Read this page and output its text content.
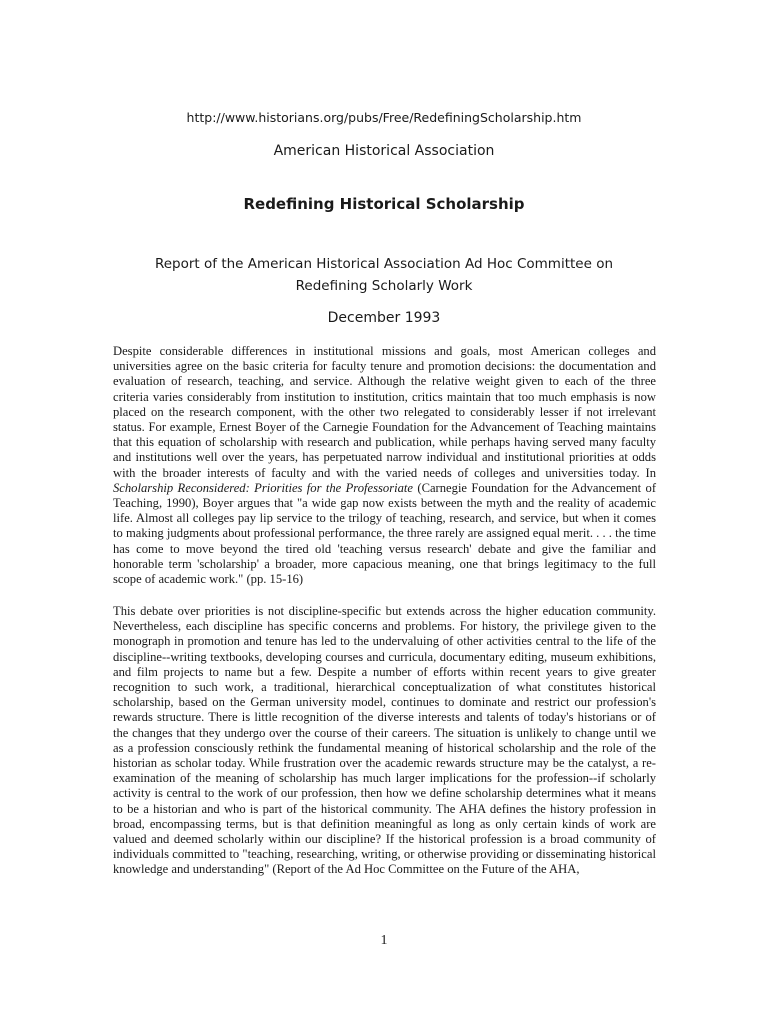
http://www.historians.org/pubs/Free/RedefiningScholarship.htm
American Historical Association
Redefining Historical Scholarship
Report of the American Historical Association Ad Hoc Committee on
Redefining Scholarly Work
December 1993

Despite considerable differences in institutional missions and goals, most American colleges and universities agree on the basic criteria for faculty tenure and promotion decisions: the documentation and evaluation of research, teaching, and service. Although the relative weight given to each of the three criteria varies considerably from institution to institution, critics maintain that too much emphasis is now placed on the research component, with the other two relegated to considerably lesser if not irrelevant status. For example, Ernest Boyer of the Carnegie Foundation for the Advancement of Teaching maintains that this equation of scholarship with research and publication, while perhaps having served many faculty and institutions well over the years, has perpetuated narrow individual and institutional priorities at odds with the broader interests of faculty and with the varied needs of colleges and universities today. In Scholarship Reconsidered: Priorities for the Professoriate (Carnegie Foundation for the Advancement of Teaching, 1990), Boyer argues that "a wide gap now exists between the myth and the reality of academic life. Almost all colleges pay lip service to the trilogy of teaching, research, and service, but when it comes to making judgments about professional performance, the three rarely are assigned equal merit. . . . the time has come to move beyond the tired old 'teaching versus research' debate and give the familiar and honorable term 'scholarship' a broader, more capacious meaning, one that brings legitimacy to the full scope of academic work." (pp. 15-16)

This debate over priorities is not discipline-specific but extends across the higher education community. Nevertheless, each discipline has specific concerns and problems. For history, the privilege given to the monograph in promotion and tenure has led to the undervaluing of other activities central to the life of the discipline--writing textbooks, developing courses and curricula, documentary editing, museum exhibitions, and film projects to name but a few. Despite a number of efforts within recent years to give greater recognition to such work, a traditional, hierarchical conceptualization of what constitutes historical scholarship, based on the German university model, continues to dominate and restrict our profession's rewards structure. There is little recognition of the diverse interests and talents of today's historians or of the changes that they undergo over the course of their careers. The situation is unlikely to change until we as a profession consciously rethink the fundamental meaning of historical scholarship and the role of the historian as scholar today. While frustration over the academic rewards structure may be the catalyst, a re-examination of the meaning of scholarship has much larger implications for the profession--if scholarly activity is central to the work of our profession, then how we define scholarship determines what it means to be a historian and who is part of the historical community. The AHA defines the history profession in broad, encompassing terms, but is that definition meaningful as long as only certain kinds of work are valued and deemed scholarly within our discipline? If the historical profession is a broad community of individuals committed to "teaching, researching, writing, or otherwise providing or disseminating historical knowledge and understanding" (Report of the Ad Hoc Committee on the Future of the AHA,

1
